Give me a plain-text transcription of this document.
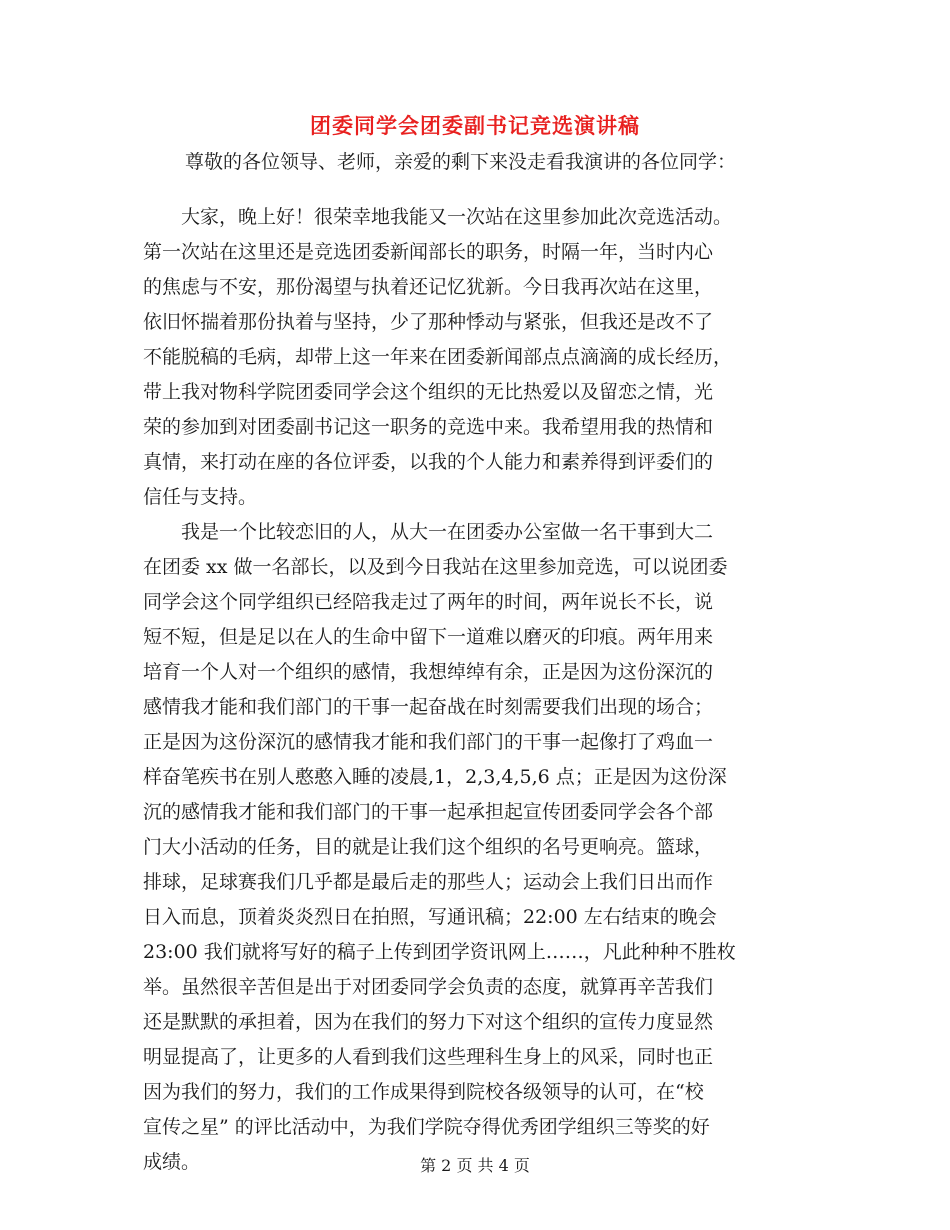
团委同学会团委副书记竞选演讲稿
尊敬的各位领导、老师，亲爱的剩下来没走看我演讲的各位同学：
　　大家，晚上好！很荣幸地我能又一次站在这里参加此次竞选活动。
第一次站在这里还是竞选团委新闻部长的职务，时隔一年，当时内心
的焦虑与不安，那份渴望与执着还记忆犹新。今日我再次站在这里，
依旧怀揣着那份执着与坚持，少了那种悸动与紧张，但我还是改不了
不能脱稿的毛病，却带上这一年来在团委新闻部点点滴滴的成长经历，
带上我对物科学院团委同学会这个组织的无比热爱以及留恋之情，光
荣的参加到对团委副书记这一职务的竞选中来。我希望用我的热情和
真情，来打动在座的各位评委，以我的个人能力和素养得到评委们的
信任与支持。
　　我是一个比较恋旧的人，从大一在团委办公室做一名干事到大二
在团委 xx 做一名部长，以及到今日我站在这里参加竞选，可以说团委
同学会这个同学组织已经陪我走过了两年的时间，两年说长不长，说
短不短，但是足以在人的生命中留下一道难以磨灭的印痕。两年用来
培育一个人对一个组织的感情，我想绰绰有余，正是因为这份深沉的
感情我才能和我们部门的干事一起奋战在时刻需要我们出现的场合；
正是因为这份深沉的感情我才能和我们部门的干事一起像打了鸡血一
样奋笔疾书在别人憨憨入睡的凌晨,1，2,3,4,5,6 点；正是因为这份深
沉的感情我才能和我们部门的干事一起承担起宣传团委同学会各个部
门大小活动的任务，目的就是让我们这个组织的名号更响亮。篮球，
排球，足球赛我们几乎都是最后走的那些人；运动会上我们日出而作
日入而息，顶着炎炎烈日在拍照，写通讯稿；22:00 左右结束的晚会
23:00 我们就将写好的稿子上传到团学资讯网上……，凡此种种不胜枚
举。虽然很辛苦但是出于对团委同学会负责的态度，就算再辛苦我们
还是默默的承担着，因为在我们的努力下对这个组织的宣传力度显然
明显提高了，让更多的人看到我们这些理科生身上的风采，同时也正
因为我们的努力，我们的工作成果得到院校各级领导的认可，在“校
宣传之星” 的评比活动中，为我们学院夺得优秀团学组织三等奖的好
成绩。	第 2 页 共 4 页
